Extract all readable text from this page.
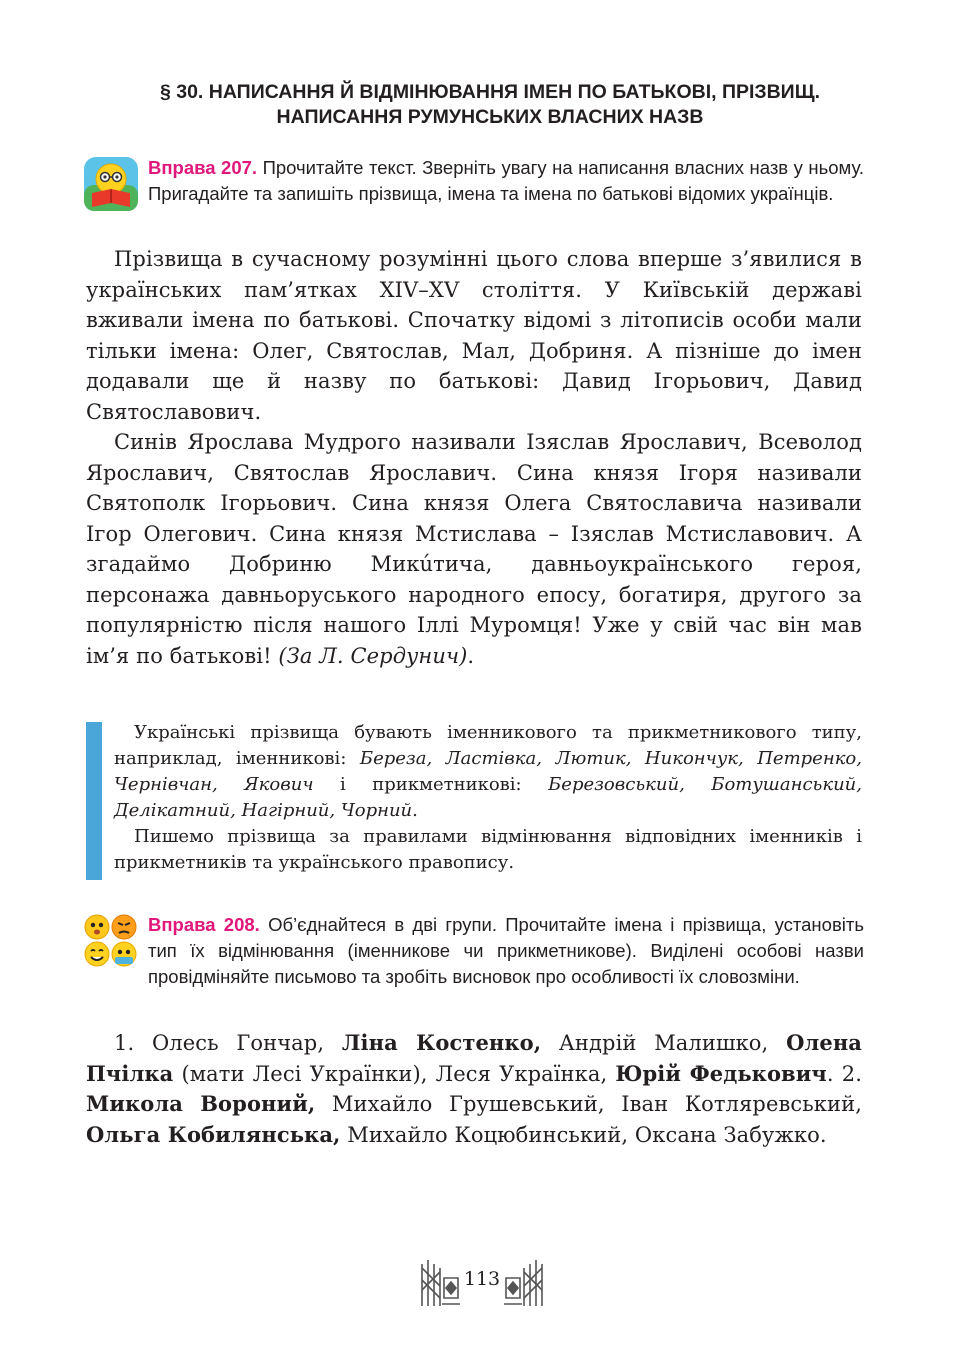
§ 30. НАПИСАННЯ Й ВІДМІНЮВАННЯ ІМЕН ПО БАТЬКОВІ, ПРІЗВИЩ.
НАПИСАННЯ РУМУНСЬКИХ ВЛАСНИХ НАЗВ

Вправа 207. Прочитайте текст. Зверніть увагу на написання власних назв у ньому. Пригадайте та запишіть прізвища, імена та імена по батькові відомих українців.

Прізвища в сучасному розумінні цього слова вперше з’явилися в українських пам’ятках XIV–XV століття. У Київській державі вживали імена по батькові. Спочатку відомі з літописів особи мали тільки імена: Олег, Святослав, Мал, Добриня. А пізніше до імен додавали ще й назву по батькові: Давид Ігорьович, Давид Святославович.

Синів Ярослава Мудрого називали Ізяслав Ярославич, Всеволод Ярославич, Святослав Ярославич. Сина князя Ігоря називали Святополк Ігорьович. Сина князя Олега Святославича називали Ігор Олегович. Сина князя Мстислава – Ізяслав Мстиславович. А згадаймо Добриню Микúтича, давньоукраїнського героя, персонажа давньоруського народного епосу, богатиря, другого за популярністю після нашого Іллі Муромця! Уже у свій час він мав ім’я по батькові! (За Л. Сердунич).

Українські прізвища бувають іменникового та прикметникового типу, наприклад, іменникові: Береза, Ластівка, Лютик, Никончук, Петренко, Чернівчан, Якович і прикметникові: Березовський, Ботушанський, Делікатний, Нагірний, Чорний.

Пишемо прізвища за правилами відмінювання відповідних іменників і прикметників та українського правопису.

Вправа 208. Об’єднайтеся в дві групи. Прочитайте імена і прізвища, установіть тип їх відмінювання (іменникове чи прикметникове). Виділені особові назви провідміняйте письмово та зробіть висновок про особливості їх словозміни.

1. Олесь Гончар, Ліна Костенко, Андрій Малишко, Олена Пчілка (мати Лесі Українки), Леся Українка, Юрій Федькович. 2. Микола Вороний, Михайло Грушевський, Іван Котляревський, Ольга Кобилянська, Михайло Коцюбинський, Оксана Забужко.

113
